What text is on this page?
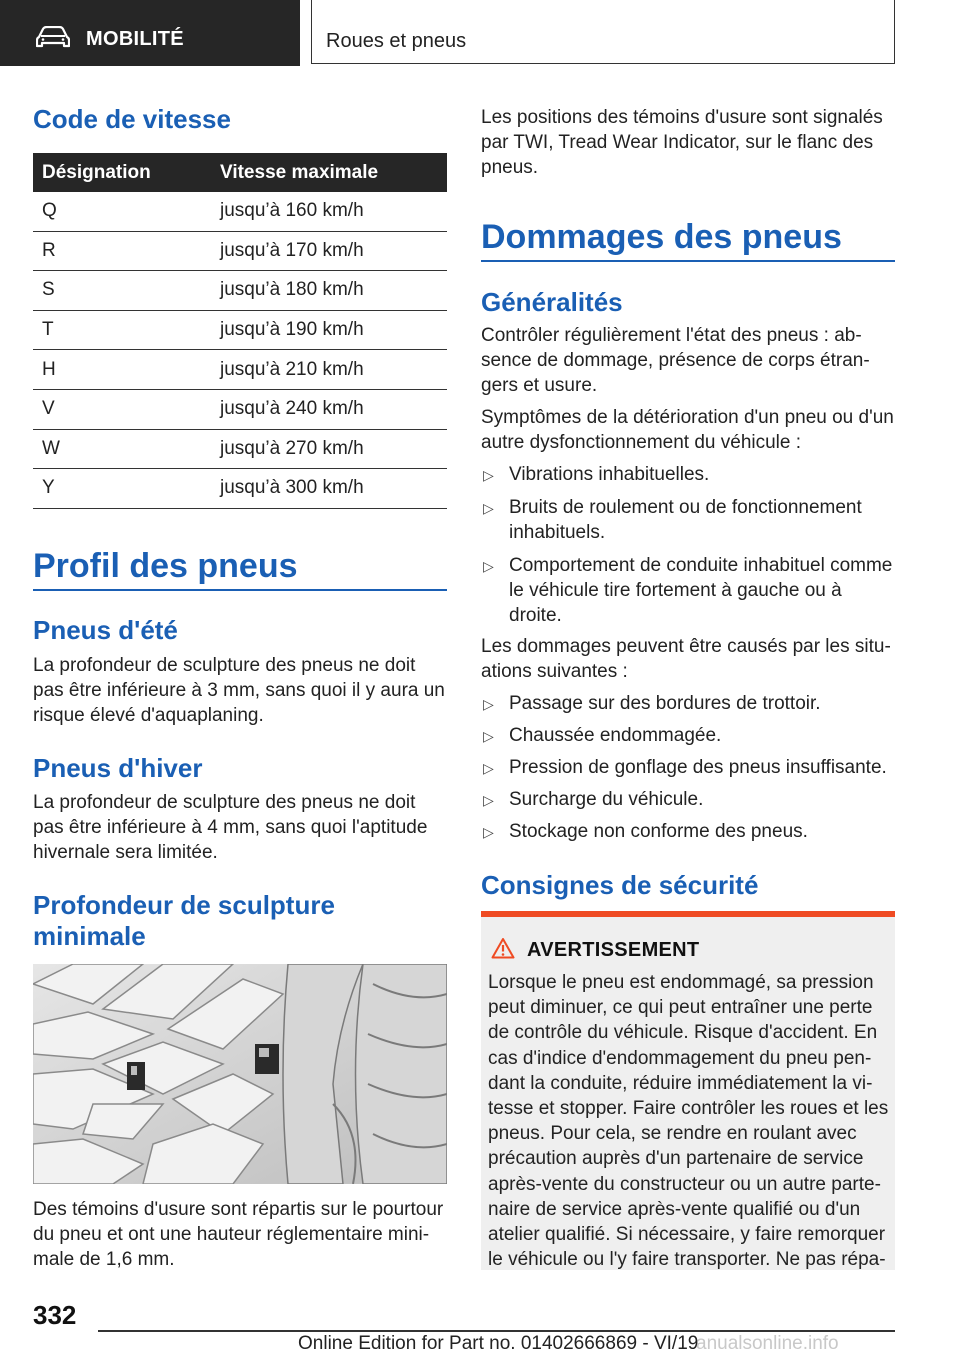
MOBILITÉ	Roues et pneus
Code de vitesse
Désignation	Vitesse maximale
Q	jusqu’à 160 km/h
R	jusqu’à 170 km/h
S	jusqu’à 180 km/h
T	jusqu’à 190 km/h
H	jusqu’à 210 km/h
V	jusqu’à 240 km/h
W	jusqu’à 270 km/h
Y	jusqu’à 300 km/h
Profil des pneus
Pneus d'été

La profondeur de sculpture des pneus ne doit pas être inférieure à 3 mm, sans quoi il y aura un risque élevé d'aquaplaning.

Pneus d'hiver

La profondeur de sculpture des pneus ne doit pas être inférieure à 4 mm, sans quoi l'aptitude hivernale sera limitée.

Profondeur de sculpture
minimale

Des témoins d'usure sont répartis sur le pourtour du pneu et ont une hauteur réglementaire mini-male de 1,6 mm.

Les positions des témoins d'usure sont signalés par TWI, Tread Wear Indicator, sur le flanc des pneus.

Dommages des pneus
Généralités

Contrôler régulièrement l'état des pneus : ab-sence de dommage, présence de corps étran-gers et usure.

Symptômes de la détérioration d'un pneu ou d'un autre dysfonctionnement du véhicule :

▷ Vibrations inhabituelles.
▷ Bruits de roulement ou de fonctionnement inhabituels.
▷ Comportement de conduite inhabituel comme le véhicule tire fortement à gauche ou à droite.

Les dommages peuvent être causés par les situ-ations suivantes :

▷ Passage sur des bordures de trottoir.
▷ Chaussée endommagée.
▷ Pression de gonflage des pneus insuffisante.
▷ Surcharge du véhicule.
▷ Stockage non conforme des pneus.
Consignes de sécurité
AVERTISSEMENT

Lorsque le pneu est endommagé, sa pression peut diminuer, ce qui peut entraîner une perte de contrôle du véhicule. Risque d'accident. En cas d'indice d'endommagement du pneu pen-dant la conduite, réduire immédiatement la vi-tesse et stopper. Faire contrôler les roues et les pneus. Pour cela, se rendre en roulant avec précaution auprès d'un partenaire de service après-vente du constructeur ou un autre parte-naire de service après-vente qualifié ou d'un atelier qualifié. Si nécessaire, y faire remorquer le véhicule ou l'y faire transporter. Ne pas répa-

332
Online Edition for Part no. 01402666869 - VI/19
anualsonline.info
